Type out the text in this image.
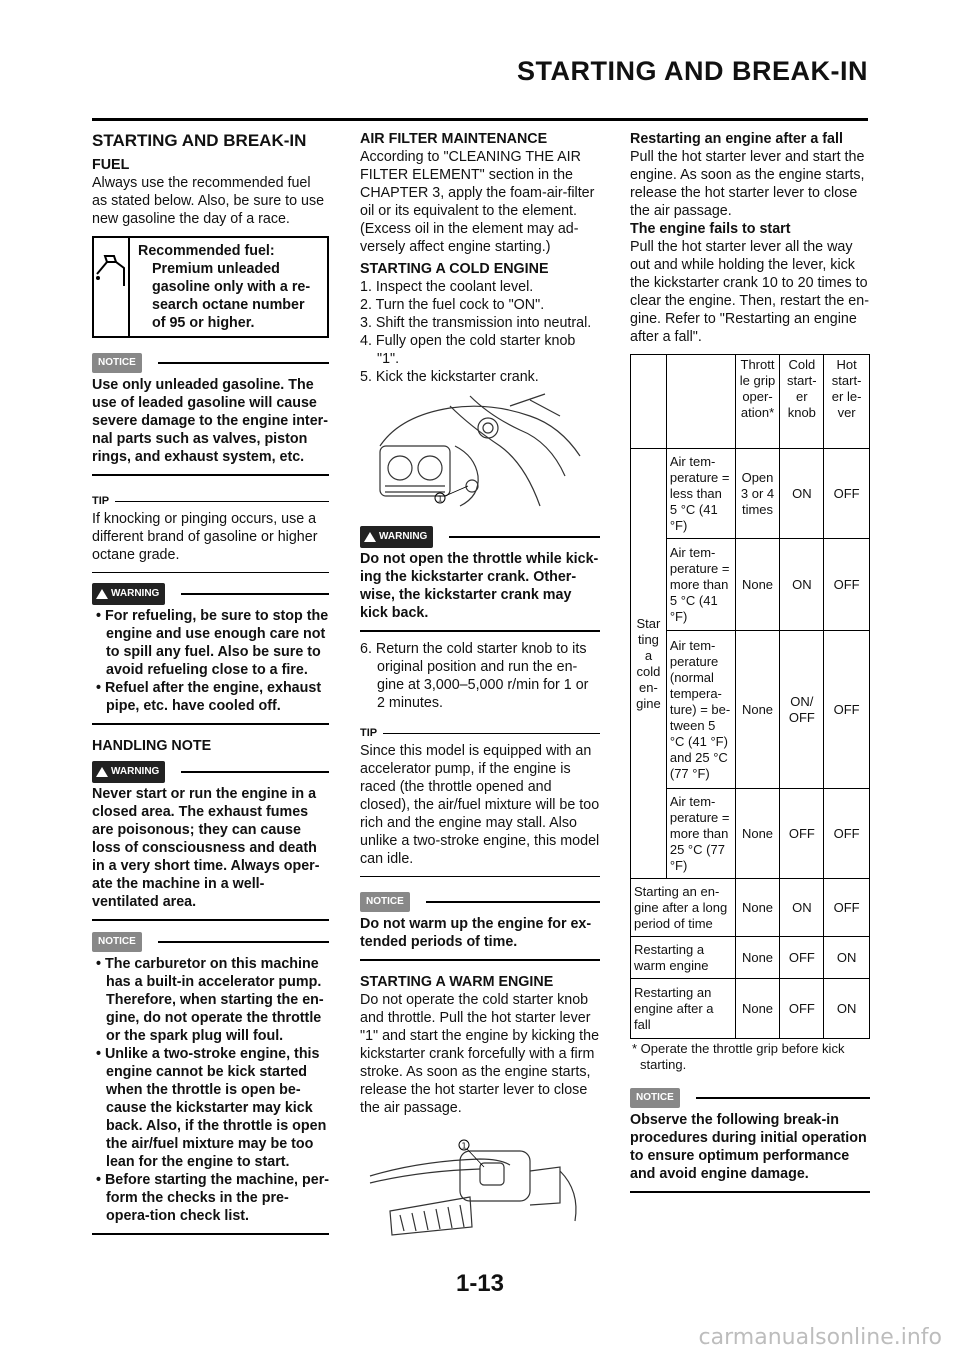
STARTING AND BREAK-IN
STARTING AND BREAK-IN
FUEL

Always use the recommended fuel as stated below. Also, be sure to use new gasoline the day of a race.

Recommended fuel:
Premium unleaded gasoline only with a re-search octane number of 95 or higher.
NOTICE

Use only unleaded gasoline. The use of leaded gasoline will cause severe damage to the engine inter-nal parts such as valves, piston rings, and exhaust system, etc.

TIP

If knocking or pinging occurs, use a different brand of gasoline or higher octane grade.

WARNING

• For refueling, be sure to stop the engine and use enough care not to spill any fuel. Also be sure to avoid refueling close to a fire.

• Refuel after the engine, exhaust pipe, etc. have cooled off.

HANDLING NOTE
WARNING

Never start or run the engine in a closed area. The exhaust fumes are poisonous; they can cause loss of consciousness and death in a very short time. Always oper-ate the machine in a well-ventilated area.

NOTICE

• The carburetor on this machine has a built-in accelerator pump. Therefore, when starting the en-gine, do not operate the throttle or the spark plug will foul.

• Unlike a two-stroke engine, this engine cannot be kick started when the throttle is open be-cause the kickstarter may kick back. Also, if the throttle is open the air/fuel mixture may be too lean for the engine to start.

• Before starting the machine, per-form the checks in the pre-opera-tion check list.

AIR FILTER MAINTENANCE

According to "CLEANING THE AIR FILTER ELEMENT" section in the CHAPTER 3, apply the foam-air-filter oil or its equivalent to the element. (Excess oil in the element may ad-versely affect engine starting.)

STARTING A COLD ENGINE
1. Inspect the coolant level.
2. Turn the fuel cock to "ON".
3. Shift the transmission into neutral.
4. Fully open the cold starter knob "1".
5. Kick the kickstarter crank.
1
WARNING

Do not open the throttle while kick-ing the kickstarter crank. Other-wise, the kickstarter crank may kick back.

6. Return the cold starter knob to its original position and run the en-gine at 3,000–5,000 r/min for 1 or 2 minutes.

TIP

Since this model is equipped with an accelerator pump, if the engine is raced (the throttle opened and closed), the air/fuel mixture will be too rich and the engine may stall. Also unlike a two-stroke engine, this model can idle.

NOTICE

Do not warm up the engine for ex-tended periods of time.

STARTING A WARM ENGINE

Do not operate the cold starter knob and throttle. Pull the hot starter lever "1" and start the engine by kicking the kickstarter crank forcefully with a firm stroke. As soon as the engine starts, release the hot starter lever to close the air passage.

1
Restarting an engine after a fall

Pull the hot starter lever and start the engine. As soon as the engine starts, release the hot starter lever to close the air passage.

The engine fails to start

Pull the hot starter lever all the way out and while holding the lever, kick the kickstarter crank 10 to 20 times to clear the engine. Then, restart the en-gine. Refer to "Restarting an engine after a fall".

		Thrott le grip oper-ation*	Cold start-er knob	Hot start-er le-ver
Star ting a cold en-gine	Air tem-perature = less than 5 °C (41 °F)	Open 3 or 4 times	ON	OFF
	Air tem-perature = more than 5 °C (41 °F)	None	ON	OFF
	Air tem-perature (normal tempera-ture) = be-tween 5 °C (41 °F) and 25 °C (77 °F)	None	ON/ OFF	OFF
	Air tem-perature = more than 25 °C (77 °F)	None	OFF	OFF
Starting an en-gine after a long period of time		None	ON	OFF
Restarting a warm engine		None	OFF	ON
Restarting an engine after a fall		None	OFF	ON
* Operate the throttle grip before kick starting.
NOTICE

Observe the following break-in procedures during initial operation to ensure optimum performance and avoid engine damage.

1-13
carmanualsonline.info
